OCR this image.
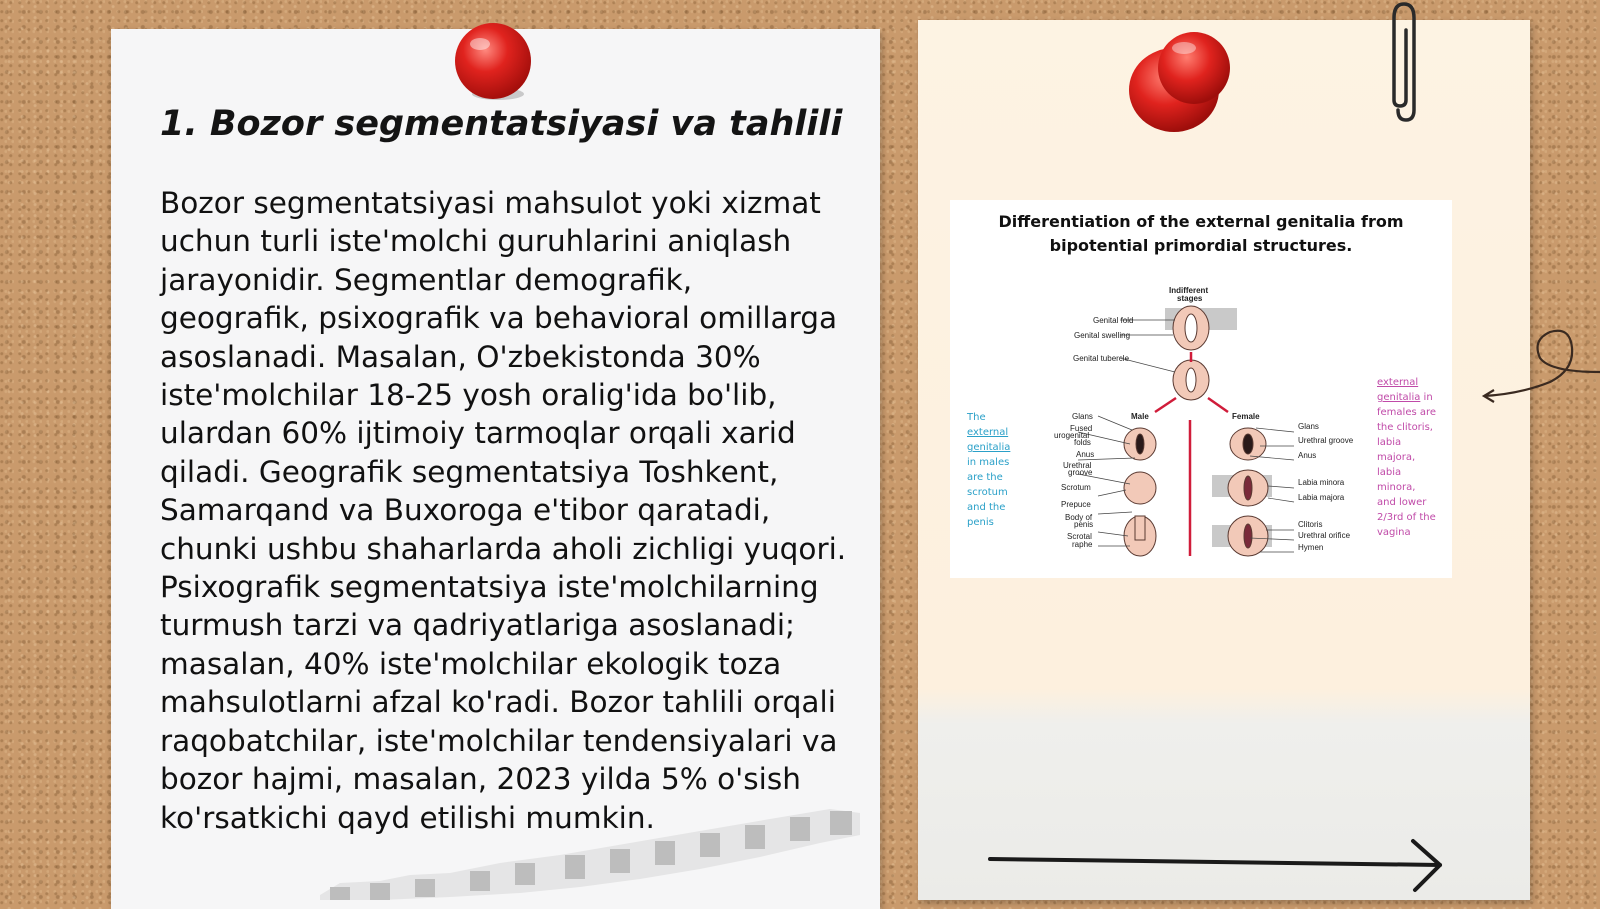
1. Bozor segmentatsiyasi va tahlili

Bozor segmentatsiyasi mahsulot yoki xizmat uchun turli iste'molchi guruhlarini aniqlash jarayonidir. Segmentlar demografik, geografik, psixografik va behavioral omillarga asoslanadi. Masalan, O'zbekistonda 30% iste'molchilar 18-25 yosh oralig'ida bo'lib, ulardan 60% ijtimoiy tarmoqlar orqali xarid qiladi. Geografik segmentatsiya Toshkent, Samarqand va Buxoroga e'tibor qaratadi, chunki ushbu shaharlarda aholi zichligi yuqori. Psixografik segmentatsiya iste'molchilarning turmush tarzi va qadriyatlariga asoslanadi; masalan, 40% iste'molchilar ekologik toza mahsulotlarni afzal ko'radi. Bozor tahlili orqali raqobatchilar, iste'molchilar tendensiyalari va bozor hajmi, masalan, 2023 yilda 5% o'sish ko'rsatkichi qayd etilishi mumkin.

Differentiation of the external genitalia from
bipotential primordial structures.
The external genitalia in males are the scrotum and the penis
external genitalia in females are the clitoris, labia majora, labia minora, and lower 2/3rd of the vagina
Indifferent
stages
Genital fold
Genital swelling
Genital tubercle
Male	Female
Glans
Fused
urogenital
folds
Anus
Urethral
groove
Scrotum
Prepuce
Body of
penis
Scrotal
raphe
Glans
Urethral groove
Anus
Labia minora
Labia majora
Clitoris
Urethral orifice
Hymen
